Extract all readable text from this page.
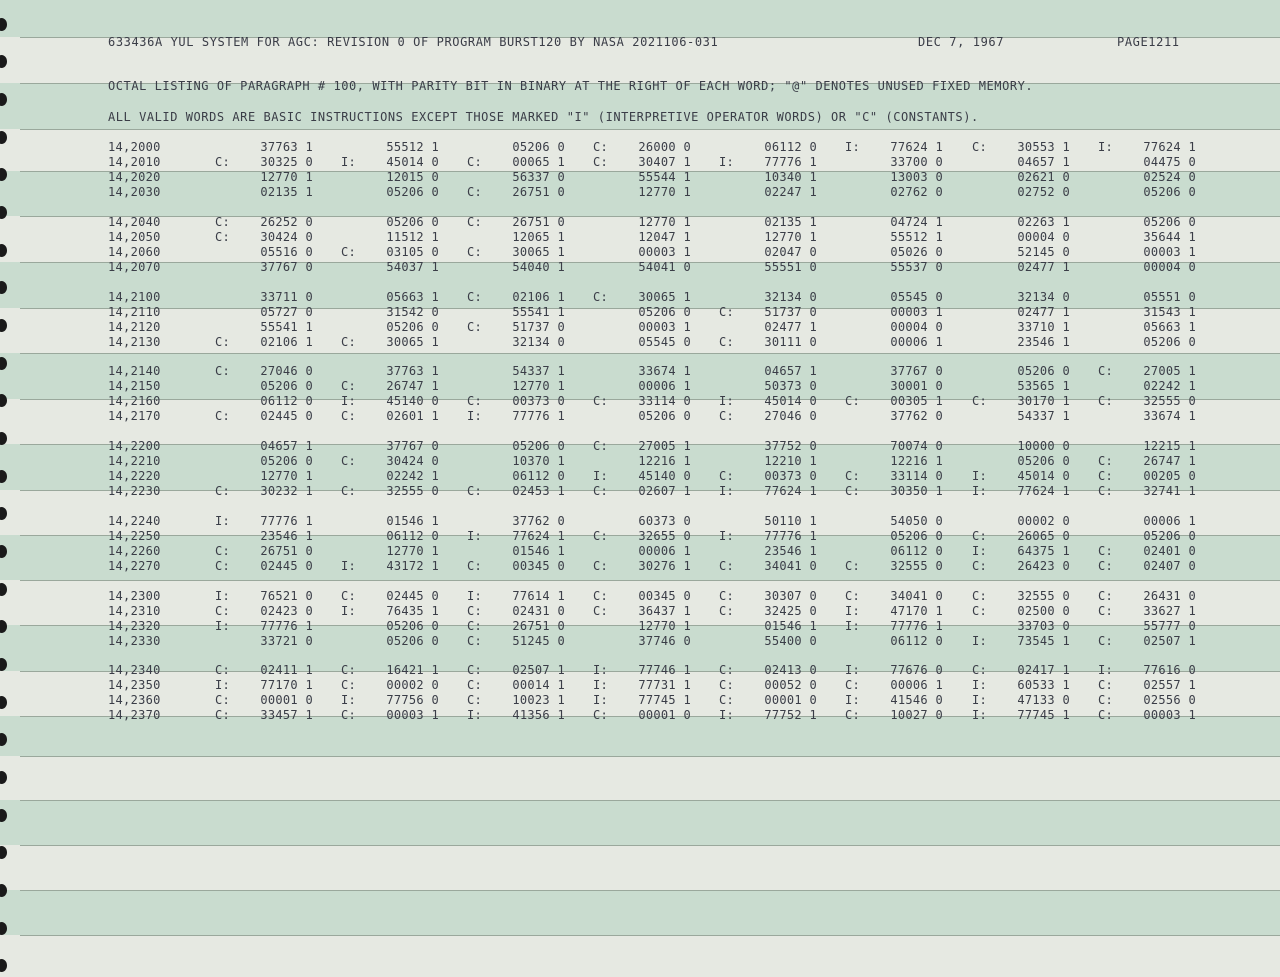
633436A YUL SYSTEM FOR AGC: REVISION 0 OF PROGRAM BURST120 BY NASA 2021106-031	DEC 7, 1967	PAGE1211
OCTAL LISTING OF PARAGRAPH # 100, WITH PARITY BIT IN BINARY AT THE RIGHT OF EACH WORD; "@" DENOTES UNUSED FIXED MEMORY.
ALL VALID WORDS ARE BASIC INSTRUCTIONS EXCEPT THOSE MARKED "I" (INTERPRETIVE OPERATOR WORDS) OR "C" (CONSTANTS).
14,2000	37763 1	55512 1	05206 0 C:	26000 0	06112 0 I:	77624 1 C:	30553 1 I:	77624 1
14,2010	C:	30325 0 I:	45014 0 C:	00065 1 C:	30407 1 I:	77776 1	33700 0	04657 1	04475 0
14,2020	12770 1	12015 0	56337 0	55544 1	10340 1	13003 0	02621 0	02524 0
14,2030	02135 1	05206 0 C:	26751 0	12770 1	02247 1	02762 0	02752 0	05206 0
14,2040	C:	26252 0	05206 0 C:	26751 0	12770 1	02135 1	04724 1	02263 1	05206 0
14,2050	C:	30424 0	11512 1	12065 1	12047 1	12770 1	55512 1	00004 0	35644 1
14,2060	05516 0 C:	03105 0 C:	30065 1	00003 1	02047 0	05026 0	52145 0	00003 1
14,2070	37767 0	54037 1	54040 1	54041 0	55551 0	55537 0	02477 1	00004 0
14,2100	33711 0	05663 1 C:	02106 1 C:	30065 1	32134 0	05545 0	32134 0	05551 0
14,2110	05727 0	31542 0	55541 1	05206 0 C:	51737 0	00003 1	02477 1	31543 1
14,2120	55541 1	05206 0 C:	51737 0	00003 1	02477 1	00004 0	33710 1	05663 1
14,2130	C:	02106 1 C:	30065 1	32134 0	05545 0 C:	30111 0	00006 1	23546 1	05206 0
14,2140	C:	27046 0	37763 1	54337 1	33674 1	04657 1	37767 0	05206 0 C:	27005 1
14,2150	05206 0 C:	26747 1	12770 1	00006 1	50373 0	30001 0	53565 1	02242 1
14,2160	06112 0 I:	45140 0 C:	00373 0 C:	33114 0 I:	45014 0 C:	00305 1 C:	30170 1 C:	32555 0
14,2170	C:	02445 0 C:	02601 1 I:	77776 1	05206 0 C:	27046 0	37762 0	54337 1	33674 1
14,2200	04657 1	37767 0	05206 0 C:	27005 1	37752 0	70074 0	10000 0	12215 1
14,2210	05206 0 C:	30424 0	10370 1	12216 1	12210 1	12216 1	05206 0 C:	26747 1
14,2220	12770 1	02242 1	06112 0 I:	45140 0 C:	00373 0 C:	33114 0 I:	45014 0 C:	00205 0
14,2230	C:	30232 1 C:	32555 0 C:	02453 1 C:	02607 1 I:	77624 1 C:	30350 1 I:	77624 1 C:	32741 1
14,2240	I:	77776 1	01546 1	37762 0	60373 0	50110 1	54050 0	00002 0	00006 1
14,2250	23546 1	06112 0 I:	77624 1 C:	32655 0 I:	77776 1	05206 0 C:	26065 0	05206 0
14,2260	C:	26751 0	12770 1	01546 1	00006 1	23546 1	06112 0 I:	64375 1 C:	02401 0
14,2270	C:	02445 0 I:	43172 1 C:	00345 0 C:	30276 1 C:	34041 0 C:	32555 0 C:	26423 0 C:	02407 0
14,2300	I:	76521 0 C:	02445 0 I:	77614 1 C:	00345 0 C:	30307 0 C:	34041 0 C:	32555 0 C:	26431 0
14,2310	C:	02423 0 I:	76435 1 C:	02431 0 C:	36437 1 C:	32425 0 I:	47170 1 C:	02500 0 C:	33627 1
14,2320	I:	77776 1	05206 0 C:	26751 0	12770 1	01546 1 I:	77776 1	33703 0	55777 0
14,2330	33721 0	05206 0 C:	51245 0	37746 0	55400 0	06112 0 I:	73545 1 C:	02507 1
14,2340	C:	02411 1 C:	16421 1 C:	02507 1 I:	77746 1 C:	02413 0 I:	77676 0 C:	02417 1 I:	77616 0
14,2350	I:	77170 1 C:	00002 0 C:	00014 1 I:	77731 1 C:	00052 0 C:	00006 1 I:	60533 1 C:	02557 1
14,2360	C:	00001 0 I:	77756 0 C:	10023 1 I:	77745 1 C:	00001 0 I:	41546 0 I:	47133 0 C:	02556 0
14,2370	C:	33457 1 C:	00003 1 I:	41356 1 C:	00001 0 I:	77752 1 C:	10027 0 I:	77745 1 C:	00003 1
